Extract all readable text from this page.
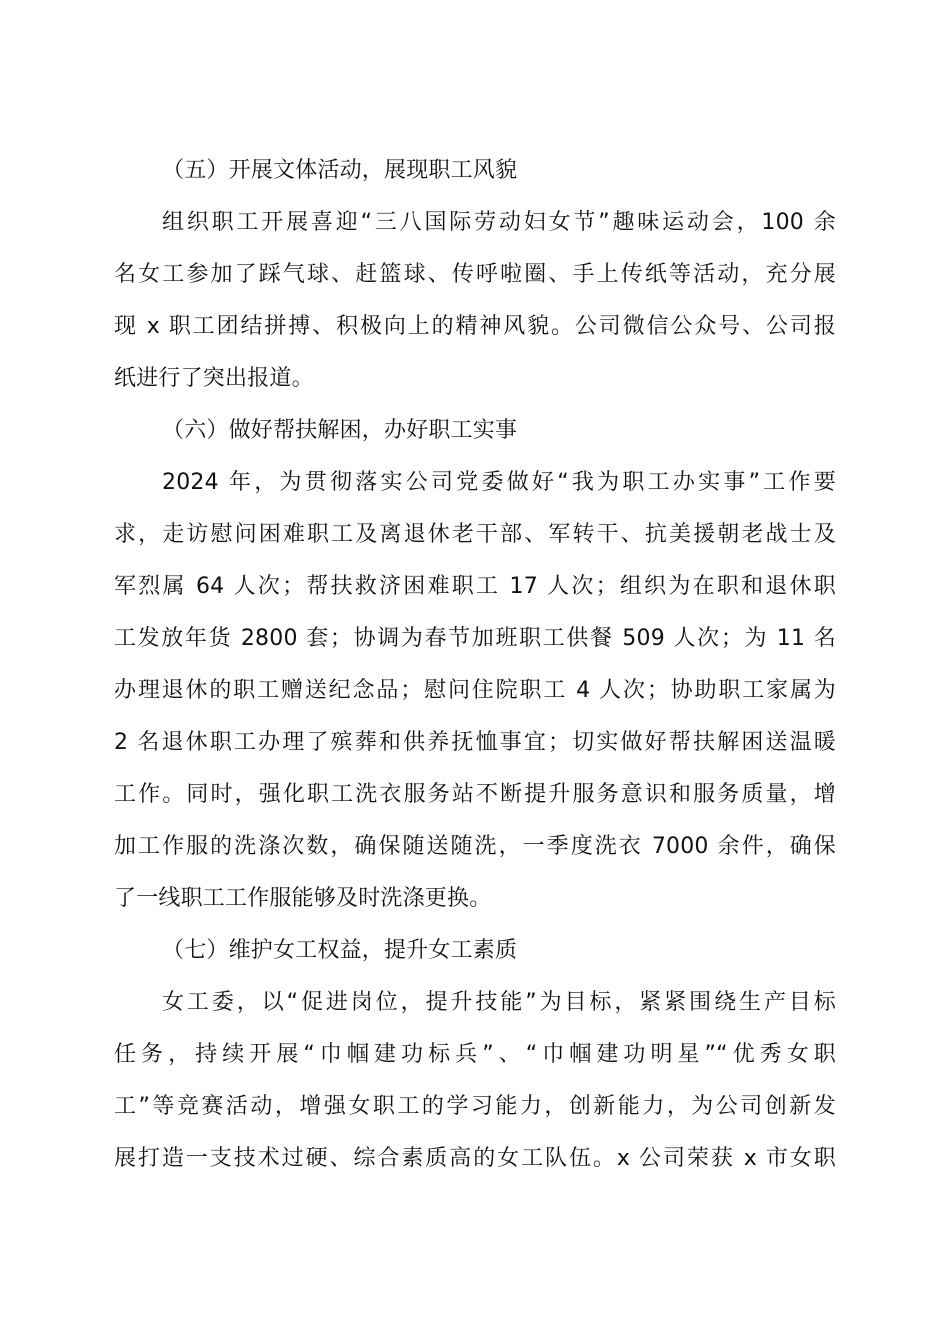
（五）开展文体活动，展现职工风貌
组织职工开展喜迎“三八国际劳动妇女节”趣味运动会，100 余
名女工参加了踩气球、赶篮球、传呼啦圈、手上传纸等活动，充分展
现 x 职工团结拼搏、积极向上的精神风貌。公司微信公众号、公司报
纸进行了突出报道。
（六）做好帮扶解困，办好职工实事
2024 年，为贯彻落实公司党委做好“我为职工办实事”工作要
求，走访慰问困难职工及离退休老干部、军转干、抗美援朝老战士及
军烈属 64 人次；帮扶救济困难职工 17 人次；组织为在职和退休职
工发放年货 2800 套；协调为春节加班职工供餐 509 人次；为 11 名
办理退休的职工赠送纪念品；慰问住院职工 4 人次；协助职工家属为
2 名退休职工办理了殡葬和供养抚恤事宜；切实做好帮扶解困送温暖
工作。同时，强化职工洗衣服务站不断提升服务意识和服务质量，增
加工作服的洗涤次数，确保随送随洗，一季度洗衣 7000 余件，确保
了一线职工工作服能够及时洗涤更换。
（七）维护女工权益，提升女工素质
女工委，以“促进岗位，提升技能”为目标，紧紧围绕生产目标
任务，持续开展“巾帼建功标兵”、“巾帼建功明星”“优秀女职
工”等竞赛活动，增强女职工的学习能力，创新能力，为公司创新发
展打造一支技术过硬、综合素质高的女工队伍。x 公司荣获 x 市女职
